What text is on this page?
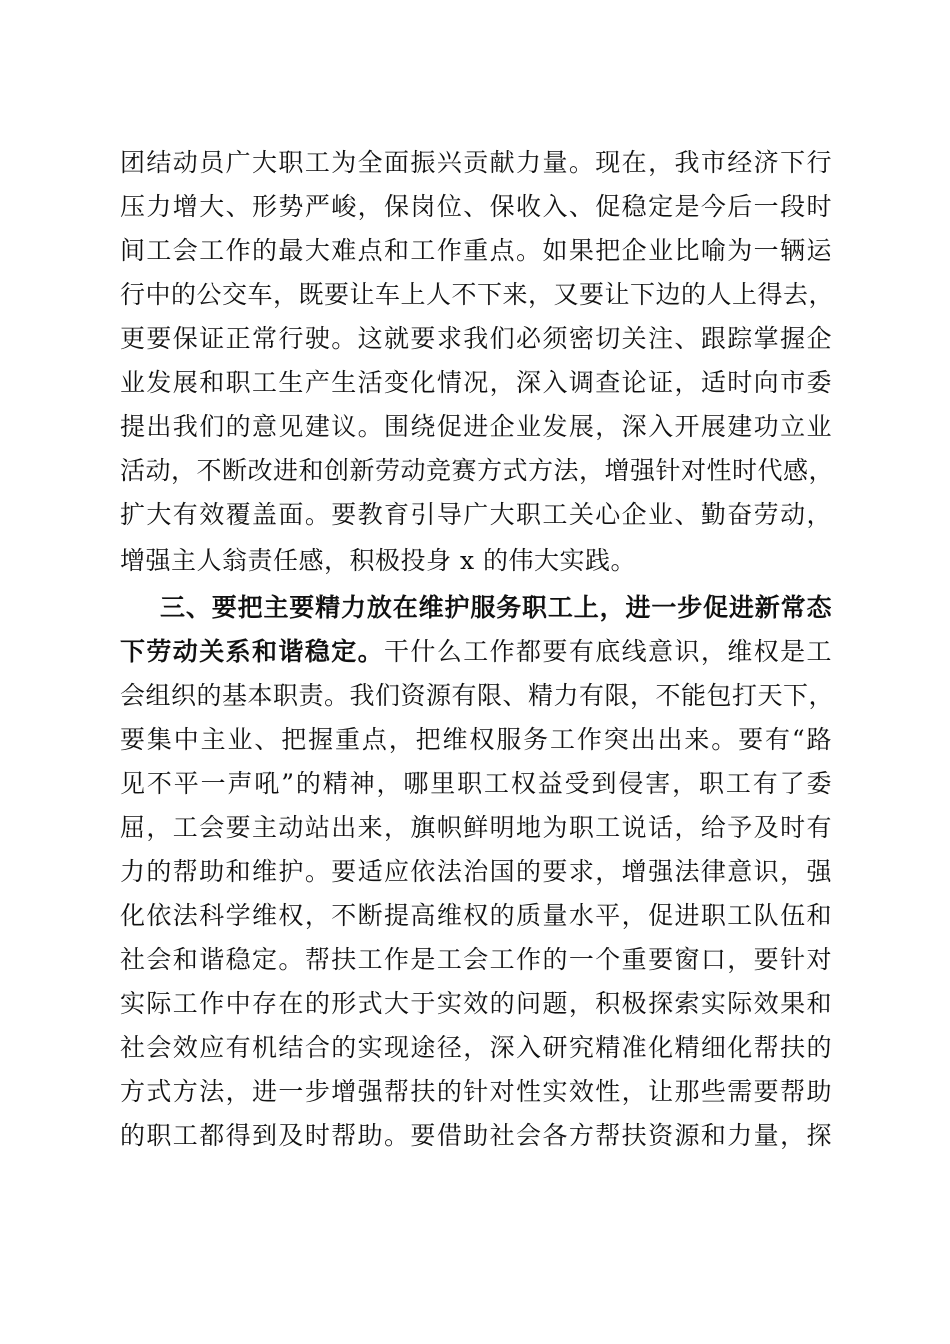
团结动员广大职工为全面振兴贡献力量。现在，我市经济下行
压力增大、形势严峻，保岗位、保收入、促稳定是今后一段时
间工会工作的最大难点和工作重点。如果把企业比喻为一辆运
行中的公交车，既要让车上人不下来，又要让下边的人上得去，
更要保证正常行驶。这就要求我们必须密切关注、跟踪掌握企
业发展和职工生产生活变化情况，深入调查论证，适时向市委
提出我们的意见建议。围绕促进企业发展，深入开展建功立业
活动，不断改进和创新劳动竞赛方式方法，增强针对性时代感，
扩大有效覆盖面。要教育引导广大职工关心企业、勤奋劳动，
增强主人翁责任感，积极投身 x 的伟大实践。
三、要把主要精力放在维护服务职工上，进一步促进新常态
下劳动关系和谐稳定。干什么工作都要有底线意识，维权是工
会组织的基本职责。我们资源有限、精力有限，不能包打天下，
要集中主业、把握重点，把维权服务工作突出出来。要有“路
见不平一声吼”的精神，哪里职工权益受到侵害，职工有了委
屈，工会要主动站出来，旗帜鲜明地为职工说话，给予及时有
力的帮助和维护。要适应依法治国的要求，增强法律意识，强
化依法科学维权，不断提高维权的质量水平，促进职工队伍和
社会和谐稳定。帮扶工作是工会工作的一个重要窗口，要针对
实际工作中存在的形式大于实效的问题，积极探索实际效果和
社会效应有机结合的实现途径，深入研究精准化精细化帮扶的
方式方法，进一步增强帮扶的针对性实效性，让那些需要帮助
的职工都得到及时帮助。要借助社会各方帮扶资源和力量，探
